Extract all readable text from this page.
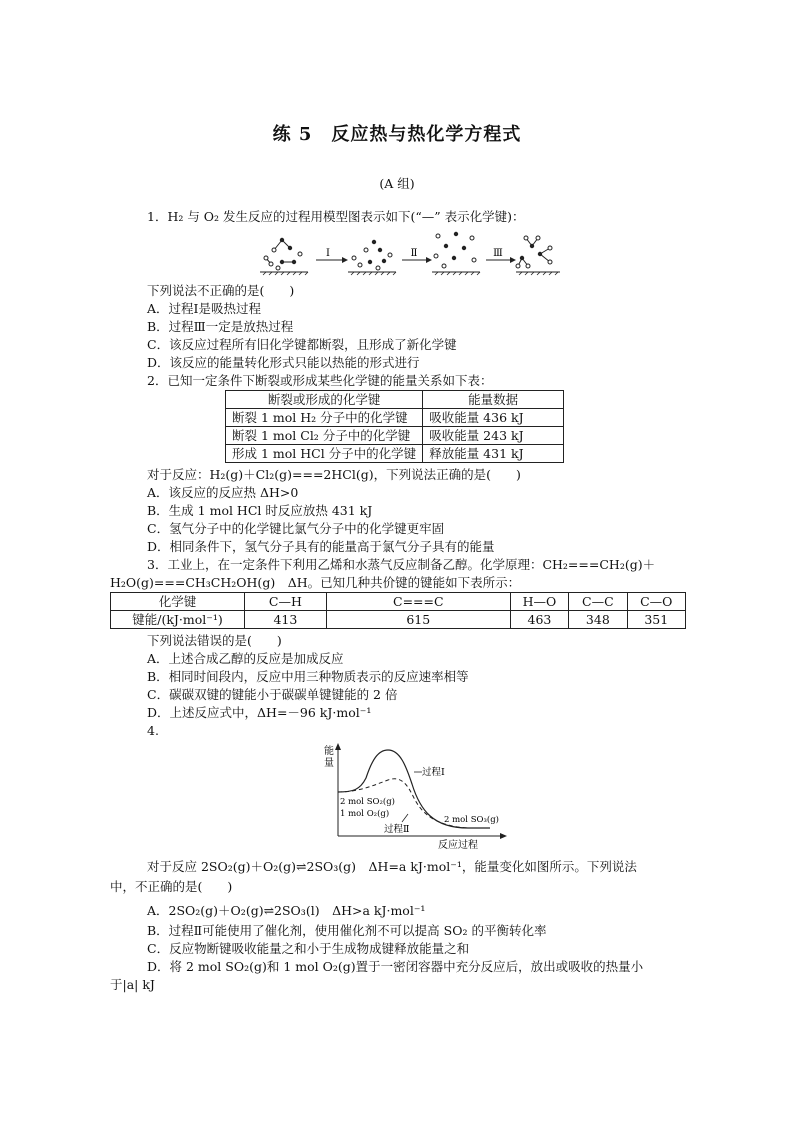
练 5　反应热与热化学方程式
(A 组)
1．H₂ 与 O₂ 发生反应的过程用模型图表示如下(“—” 表示化学键)：
Ⅰ	Ⅱ	Ⅲ
下列说法不正确的是(　　)
A．过程Ⅰ是吸热过程
B．过程Ⅲ一定是放热过程
C．该反应过程所有旧化学键都断裂，且形成了新化学键
D．该反应的能量转化形式只能以热能的形式进行
2．已知一定条件下断裂或形成某些化学键的能量关系如下表：
断裂或形成的化学键	能量数据
断裂 1 mol H₂ 分子中的化学键	吸收能量 436 kJ
断裂 1 mol Cl₂ 分子中的化学键	吸收能量 243 kJ
形成 1 mol HCl 分子中的化学键	释放能量 431 kJ
对于反应：H₂(g)＋Cl₂(g)===2HCl(g)，下列说法正确的是(　　)
A．该反应的反应热 ΔH>0
B．生成 1 mol HCl 时反应放热 431 kJ
C．氢气分子中的化学键比氯气分子中的化学键更牢固
D．相同条件下，氢气分子具有的能量高于氯气分子具有的能量
3．工业上，在一定条件下利用乙烯和水蒸气反应制备乙醇。化学原理：CH₂===CH₂(g)＋
H₂O(g)===CH₃CH₂OH(g)　ΔH。已知几种共价键的键能如下表所示：
化学键	C—H	C===C	H—O	C—C	C—O
键能/(kJ·mol⁻¹)	413	615	463	348	351
下列说法错误的是(　　)
A．上述合成乙醇的反应是加成反应
B．相同时间段内，反应中用三种物质表示的反应速率相等
C．碳碳双键的键能小于碳碳单键键能的 2 倍
D．上述反应式中，ΔH=－96 kJ·mol⁻¹
4.
能
量
反应过程
过程Ⅰ
过程Ⅱ
2 mol SO₂(g)
1 mol O₂(g)
2 mol SO₃(g)
对于反应 2SO₂(g)＋O₂(g)⇌2SO₃(g)　ΔH=a kJ·mol⁻¹，能量变化如图所示。下列说法
中，不正确的是(　　)
A．2SO₂(g)＋O₂(g)⇌2SO₃(l)　ΔH>a kJ·mol⁻¹
B．过程Ⅱ可能使用了催化剂，使用催化剂不可以提高 SO₂ 的平衡转化率
C．反应物断键吸收能量之和小于生成物成键释放能量之和
D．将 2 mol SO₂(g)和 1 mol O₂(g)置于一密闭容器中充分反应后，放出或吸收的热量小
于|a| kJ
